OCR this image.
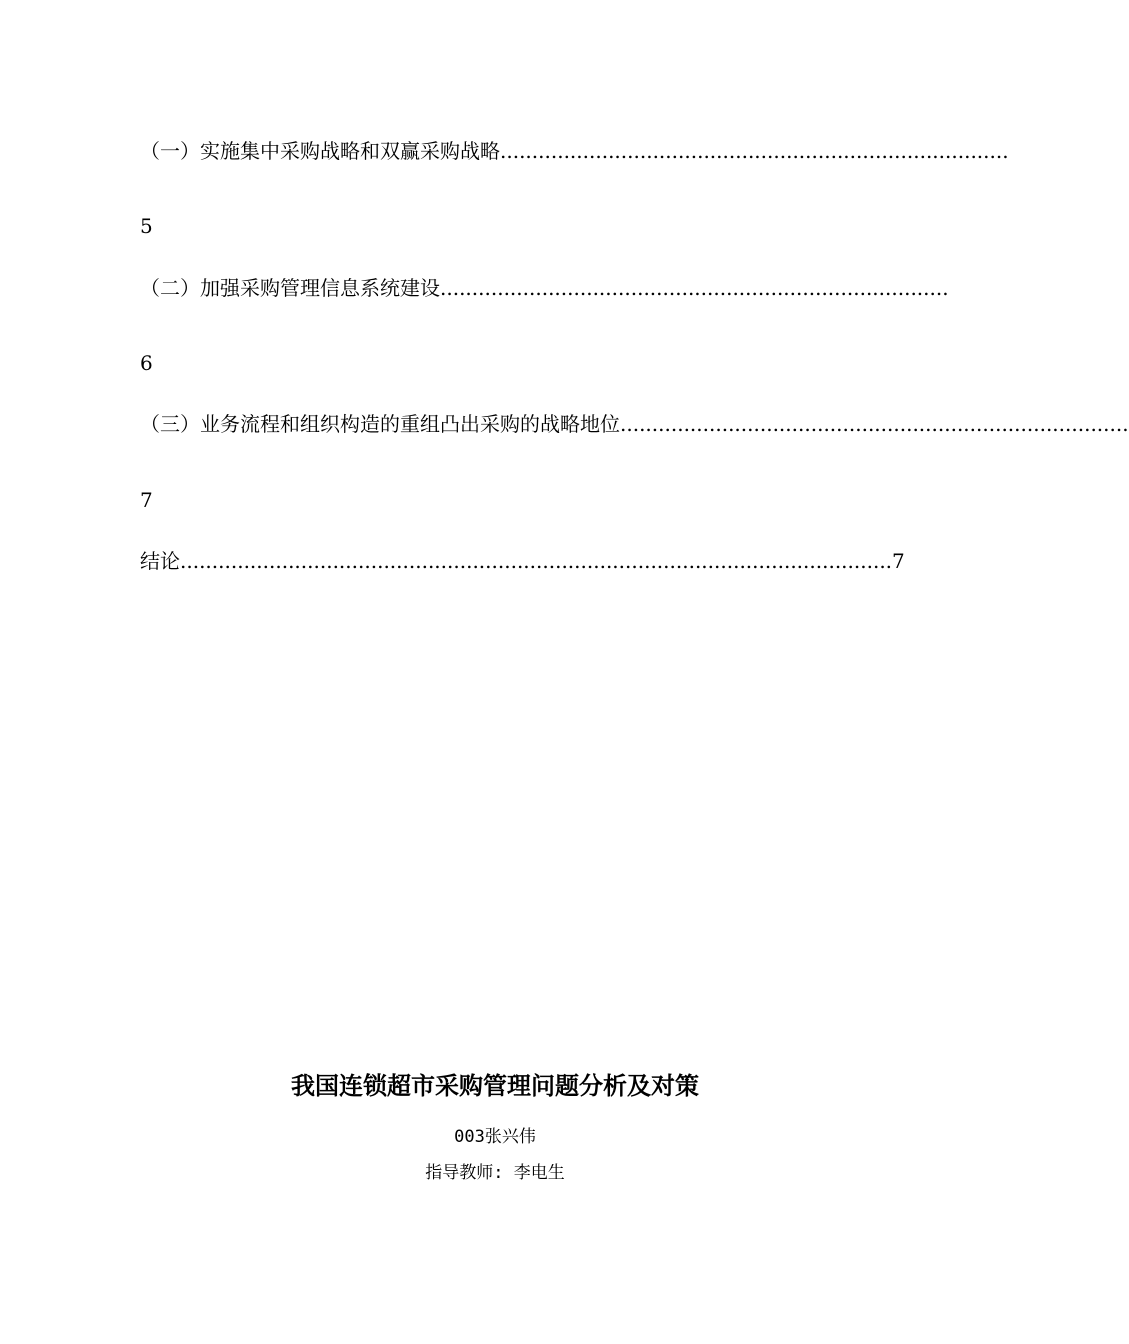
（一）实施集中采购战略和双赢采购战略................................................................................
5
（二）加强采购管理信息系统建设................................................................................
6
（三）业务流程和组织构造的重组凸出采购的战略地位................................................................................
7
结论 ................................................................................................................ 7
我国连锁超市采购管理问题分析及对策
003张兴伟
指导教师: 李电生
